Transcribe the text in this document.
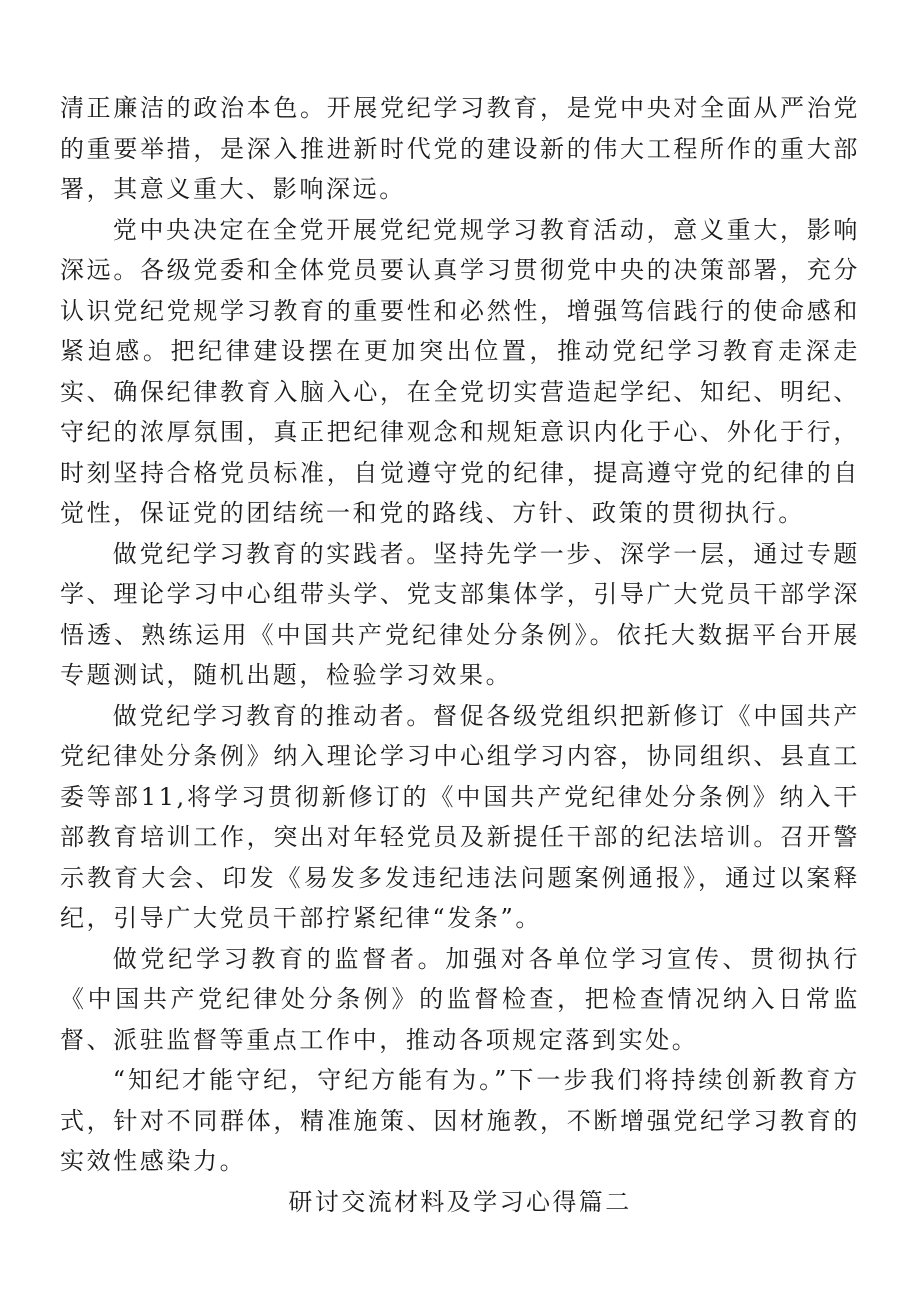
清正廉洁的政治本色。开展党纪学习教育，是党中央对全面从严治党的重要举措，是深入推进新时代党的建设新的伟大工程所作的重大部署，其意义重大、影响深远。

党中央决定在全党开展党纪党规学习教育活动，意义重大，影响深远。各级党委和全体党员要认真学习贯彻党中央的决策部署，充分认识党纪党规学习教育的重要性和必然性，增强笃信践行的使命感和紧迫感。把纪律建设摆在更加突出位置，推动党纪学习教育走深走实、确保纪律教育入脑入心，在全党切实营造起学纪、知纪、明纪、守纪的浓厚氛围，真正把纪律观念和规矩意识内化于心、外化于行，时刻坚持合格党员标准，自觉遵守党的纪律，提高遵守党的纪律的自觉性，保证党的团结统一和党的路线、方针、政策的贯彻执行。

做党纪学习教育的实践者。坚持先学一步、深学一层，通过专题学、理论学习中心组带头学、党支部集体学，引导广大党员干部学深悟透、熟练运用《中国共产党纪律处分条例》。依托大数据平台开展专题测试，随机出题，检验学习效果。

做党纪学习教育的推动者。督促各级党组织把新修订《中国共产党纪律处分条例》纳入理论学习中心组学习内容，协同组织、县直工委等部11,将学习贯彻新修订的《中国共产党纪律处分条例》纳入干部教育培训工作，突出对年轻党员及新提任干部的纪法培训。召开警示教育大会、印发《易发多发违纪违法问题案例通报》，通过以案释纪，引导广大党员干部拧紧纪律“发条”。

做党纪学习教育的监督者。加强对各单位学习宣传、贯彻执行《中国共产党纪律处分条例》的监督检查，把检查情况纳入日常监督、派驻监督等重点工作中，推动各项规定落到实处。

“知纪才能守纪，守纪方能有为。”下一步我们将持续创新教育方式，针对不同群体，精准施策、因材施教，不断增强党纪学习教育的实效性感染力。

研讨交流材料及学习心得篇二
